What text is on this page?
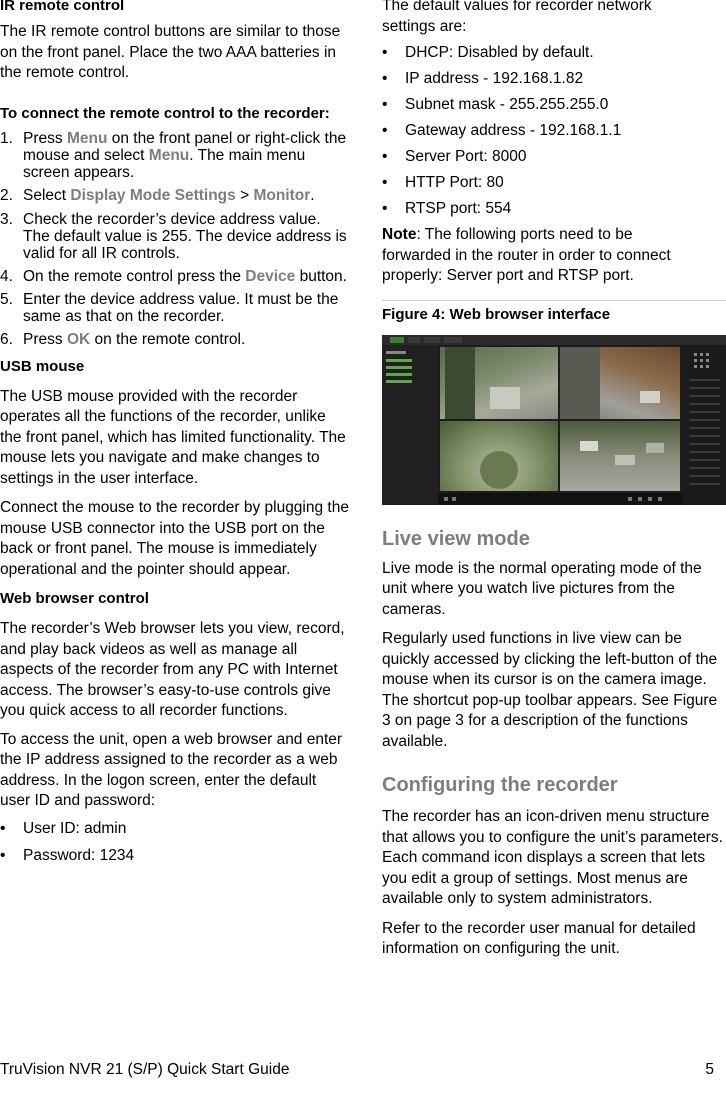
IR remote control

The IR remote control buttons are similar to those on the front panel. Place the two AAA batteries in the remote control.

To connect the remote control to the recorder:

1. Press Menu on the front panel or right-click the mouse and select Menu. The main menu screen appears.
2. Select Display Mode Settings > Monitor.
3. Check the recorder’s device address value. The default value is 255. The device address is valid for all IR controls.
4. On the remote control press the Device button.
5. Enter the device address value. It must be the same as that on the recorder.
6. Press OK on the remote control.

USB mouse

The USB mouse provided with the recorder operates all the functions of the recorder, unlike the front panel, which has limited functionality. The mouse lets you navigate and make changes to settings in the user interface.

Connect the mouse to the recorder by plugging the mouse USB connector into the USB port on the back or front panel. The mouse is immediately operational and the pointer should appear.

Web browser control

The recorder’s Web browser lets you view, record, and play back videos as well as manage all aspects of the recorder from any PC with Internet access. The browser’s easy-to-use controls give you quick access to all recorder functions.

To access the unit, open a web browser and enter the IP address assigned to the recorder as a web address. In the logon screen, enter the default user ID and password:

• User ID: admin
• Password: 1234

The default values for recorder network settings are:

• DHCP: Disabled by default.
• IP address - 192.168.1.82
• Subnet mask - 255.255.255.0
• Gateway address - 192.168.1.1
• Server Port: 8000
• HTTP Port: 80
• RTSP port: 554

Note: The following ports need to be forwarded in the router in order to connect properly: Server port and RTSP port.

Figure 4: Web browser interface

Live view mode

Live mode is the normal operating mode of the unit where you watch live pictures from the cameras.

Regularly used functions in live view can be quickly accessed by clicking the left-button of the mouse when its cursor is on the camera image. The shortcut pop-up toolbar appears. See Figure 3 on page 3 for a description of the functions available.

Configuring the recorder

The recorder has an icon-driven menu structure that allows you to configure the unit’s parameters. Each command icon displays a screen that lets you edit a group of settings. Most menus are available only to system administrators.

Refer to the recorder user manual for detailed information on configuring the unit.

TruVision NVR 21 (S/P) Quick Start Guide	5
